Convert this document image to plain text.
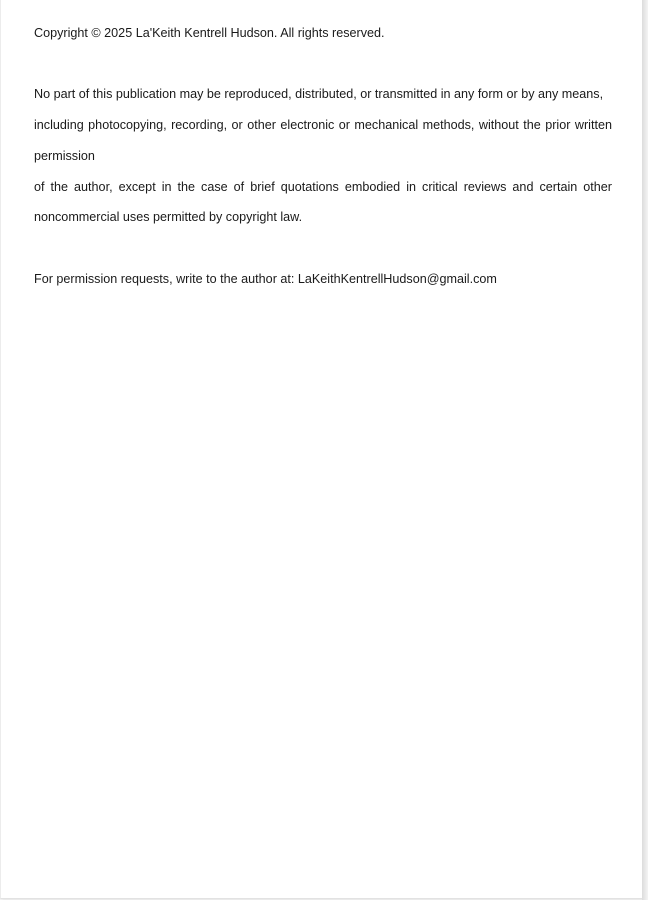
Copyright © 2025 La'Keith Kentrell Hudson. All rights reserved.

No part of this publication may be reproduced, distributed, or transmitted in any form or by any means,

including photocopying, recording, or other electronic or mechanical methods, without the prior written permission

of the author, except in the case of brief quotations embodied in critical reviews and certain other noncommercial uses permitted by copyright law.

For permission requests, write to the author at: LaKeithKentrellHudson@gmail.com
